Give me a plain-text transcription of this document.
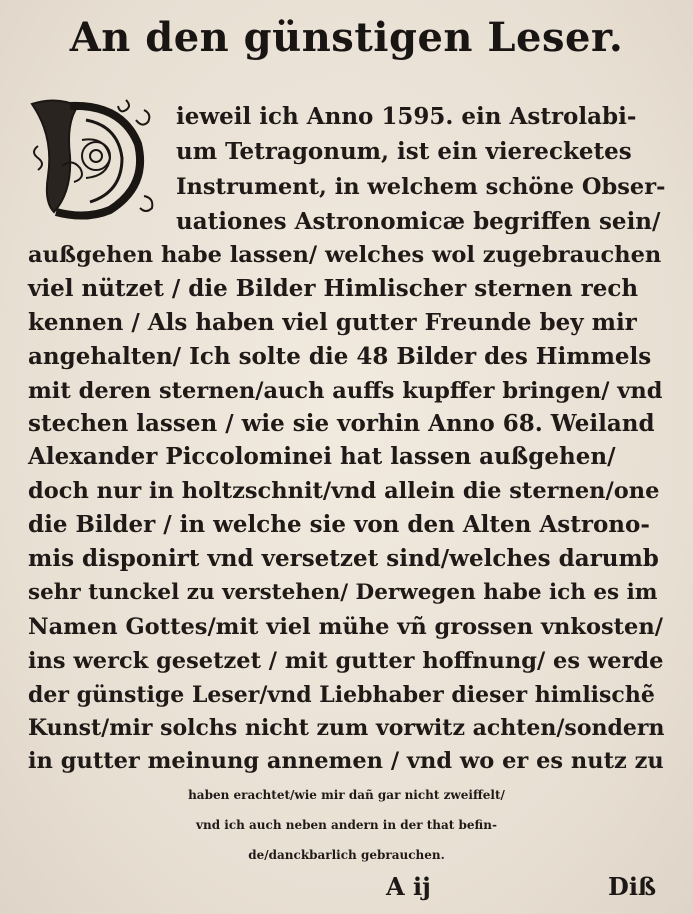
An den günstigen Leser.
ieweil ich Anno 1595. ein Astrolabi-
um Tetragonum, ist ein vierecketes
Instrument, in welchem schöne Obser-
uationes Astronomicæ begriffen sein/
außgehen habe lassen/ welches wol zugebrauchen
viel nützet / die Bilder Himlischer sternen rech
kennen / Als haben viel gutter Freunde bey mir
angehalten/ Ich solte die 48 Bilder des Himmels
mit deren sternen/auch auffs kupffer bringen/ vnd
stechen lassen / wie sie vorhin Anno 68. Weiland
Alexander Piccolominei hat lassen außgehen/
doch nur in holtzschnit/vnd allein die sternen/one
die Bilder / in welche sie von den Alten Astrono-
mis disponirt vnd versetzet sind/welches darumb
sehr tunckel zu verstehen/ Derwegen habe ich es im
Namen Gottes/mit viel mühe vñ grossen vnkosten/
ins werck gesetzet / mit gutter hoffnung/ es werde
der günstige Leser/vnd Liebhaber dieser himlischẽ
Kunst/mir solchs nicht zum vorwitz achten/sondern
in gutter meinung annemen / vnd wo er es nutz zu
haben erachtet/wie mir dañ gar nicht zweiffelt/
vnd ich auch neben andern in der that befin-
de/danckbarlich gebrauchen.
A ij	Diß
